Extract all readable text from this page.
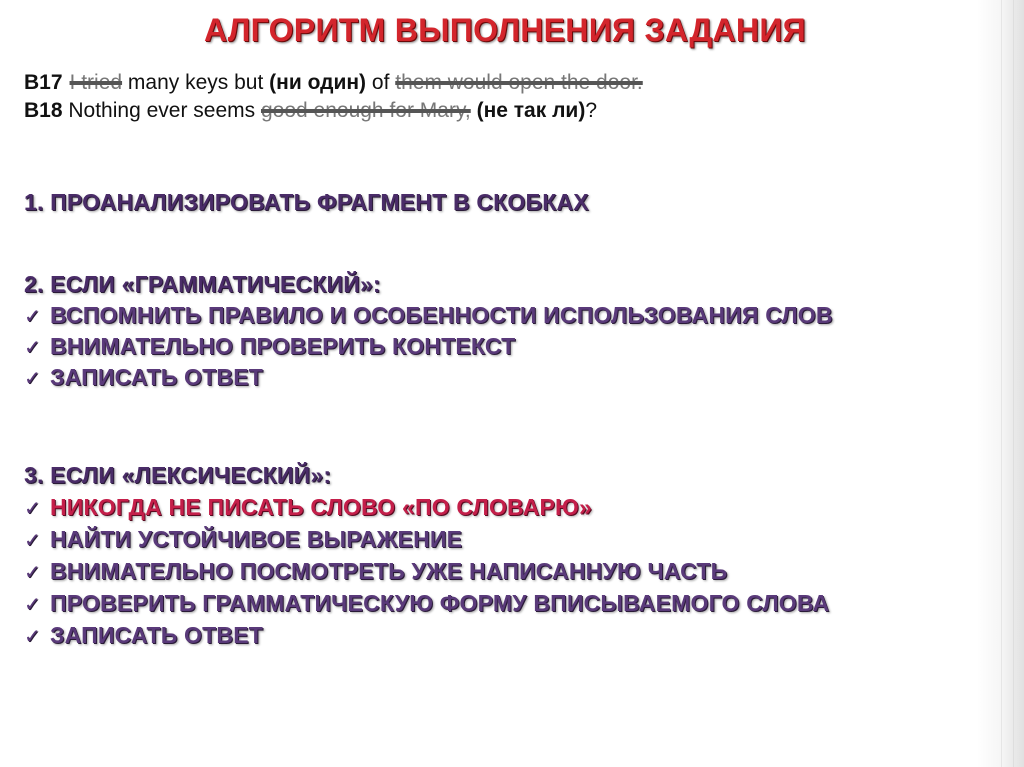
АЛГОРИТМ ВЫПОЛНЕНИЯ ЗАДАНИЯ
B17 I tried many keys but (ни один) of them would open the door.
B18 Nothing ever seems good enough for Mary, (не так ли)?
1. ПРОАНАЛИЗИРОВАТЬ ФРАГМЕНТ В СКОБКАХ
2. ЕСЛИ «ГРАММАТИЧЕСКИЙ»:
✓ ВСПОМНИТЬ ПРАВИЛО И ОСОБЕННОСТИ ИСПОЛЬЗОВАНИЯ СЛОВ
✓ ВНИМАТЕЛЬНО ПРОВЕРИТЬ КОНТЕКСТ
✓ ЗАПИСАТЬ ОТВЕТ
3. ЕСЛИ «ЛЕКСИЧЕСКИЙ»:
✓ НИКОГДА НЕ ПИСАТЬ СЛОВО «ПО СЛОВАРЮ»
✓ НАЙТИ УСТОЙЧИВОЕ ВЫРАЖЕНИЕ
✓ ВНИМАТЕЛЬНО ПОСМОТРЕТЬ УЖЕ НАПИСАННУЮ ЧАСТЬ
✓ ПРОВЕРИТЬ ГРАММАТИЧЕСКУЮ ФОРМУ ВПИСЫВАЕМОГО СЛОВА
✓ ЗАПИСАТЬ ОТВЕТ
